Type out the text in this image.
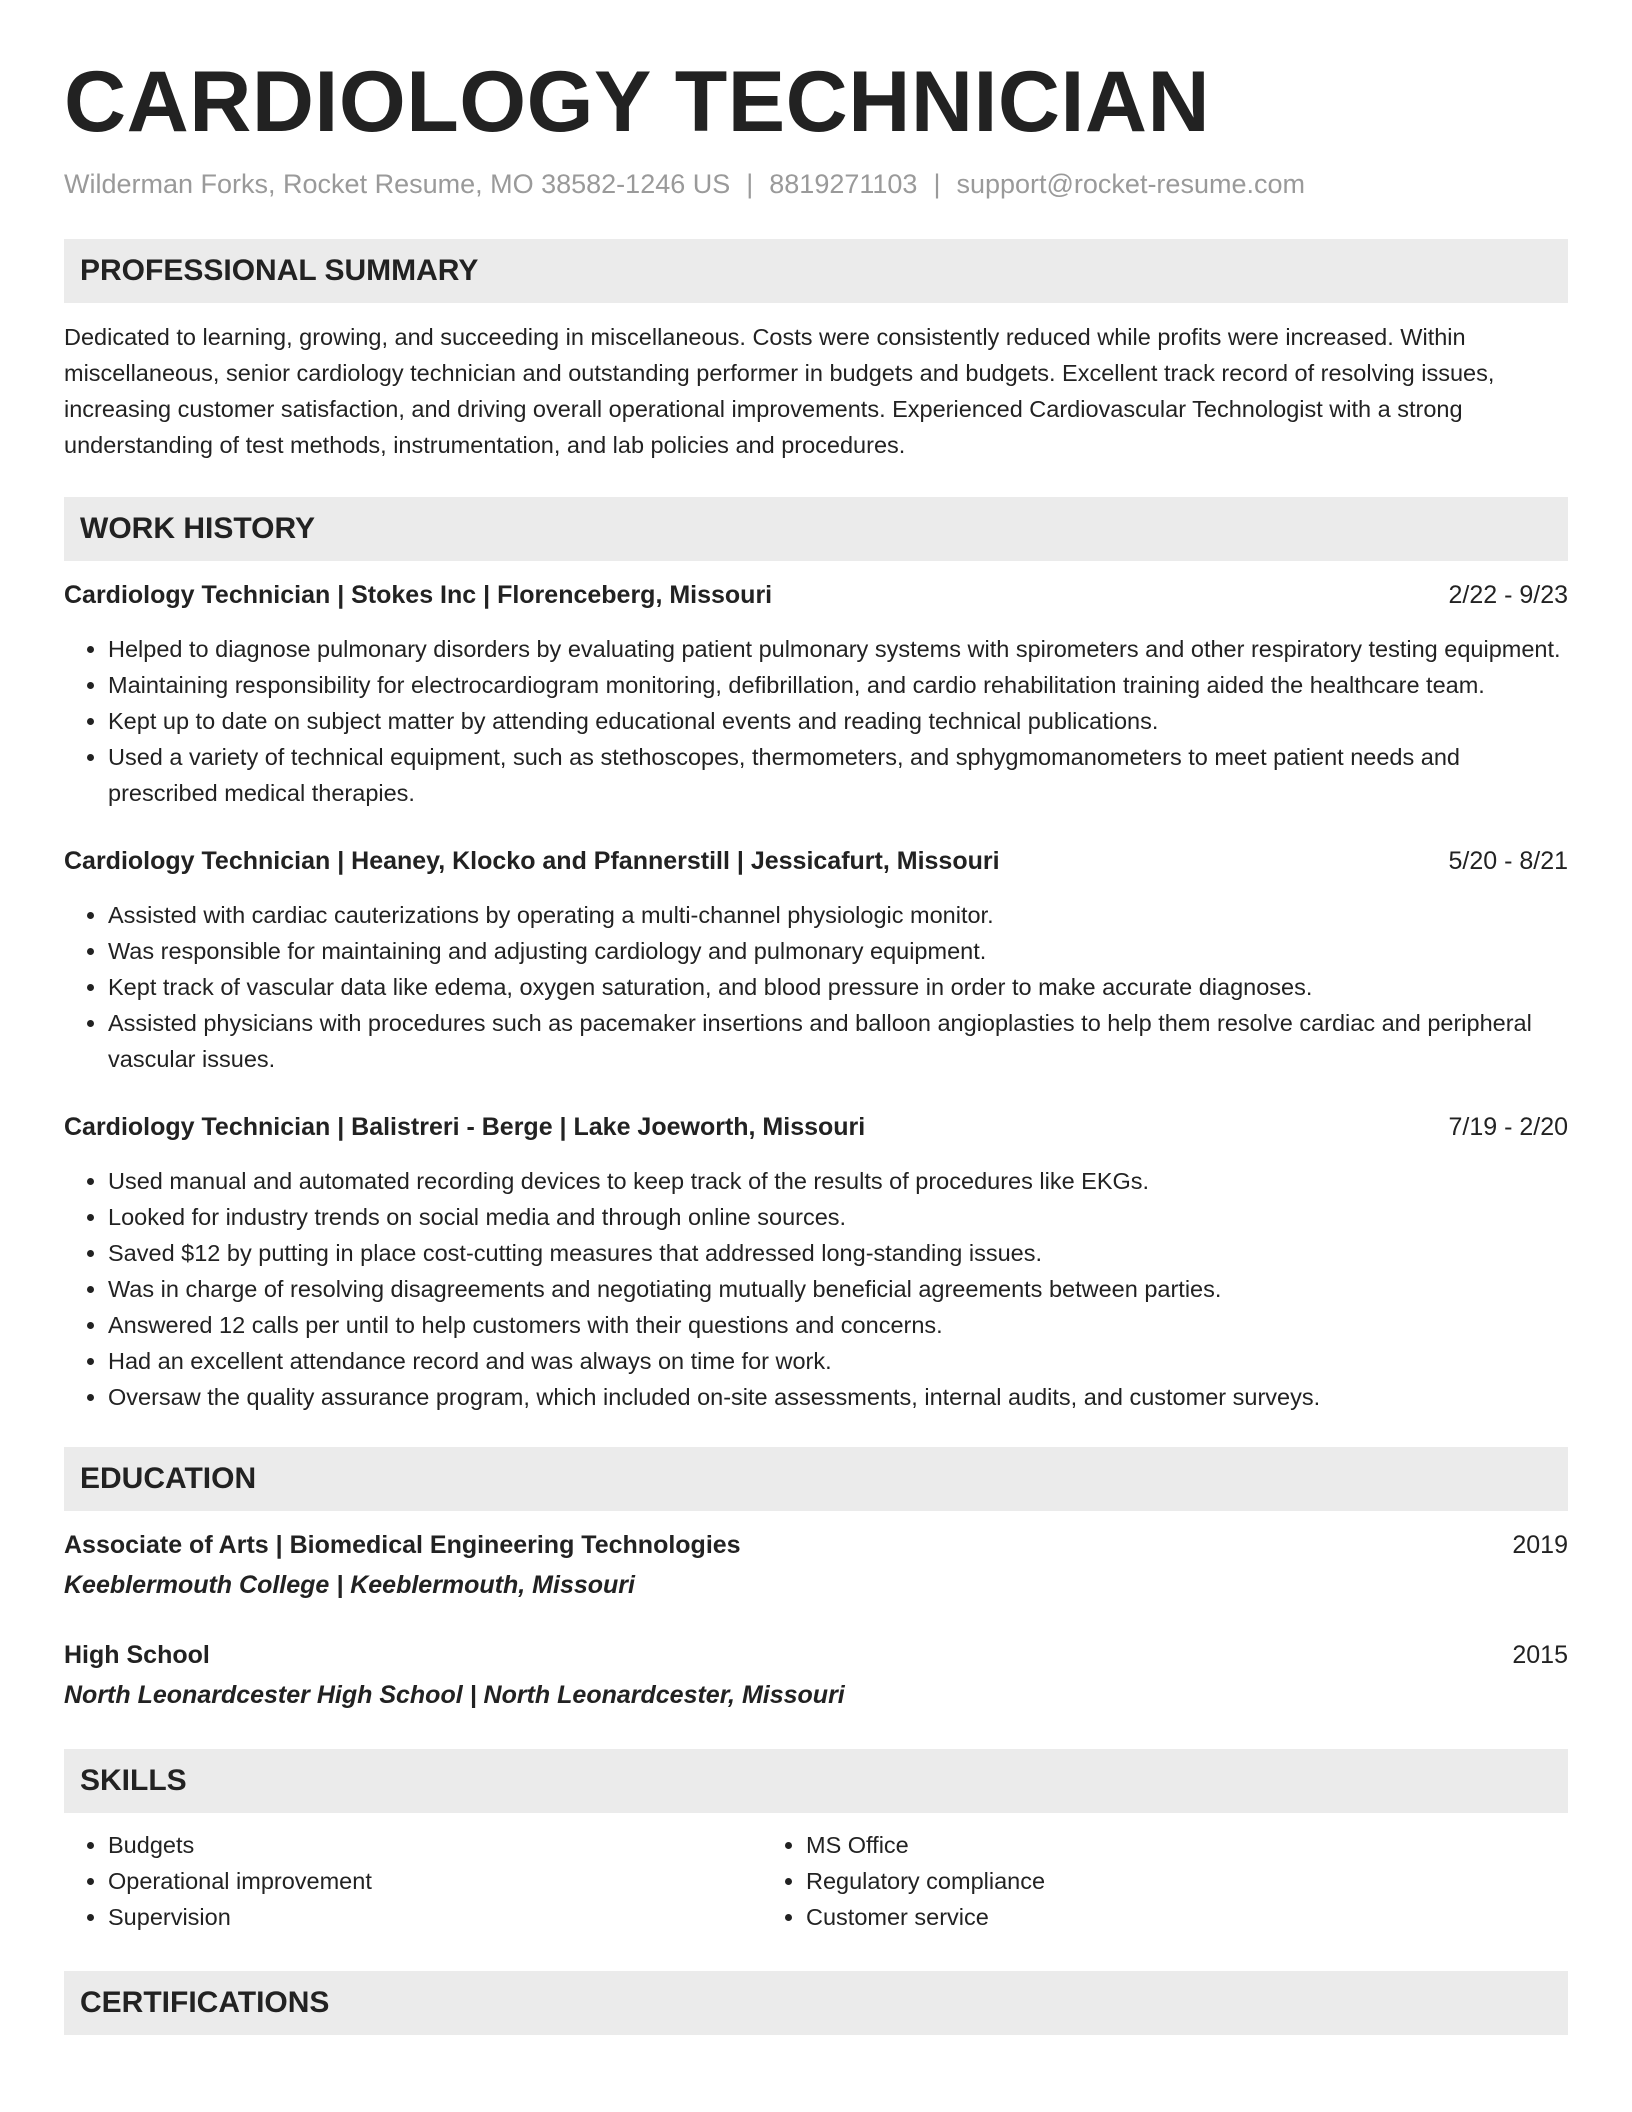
CARDIOLOGY TECHNICIAN
Wilderman Forks, Rocket Resume, MO 38582-1246 US | 8819271103 | support@rocket-resume.com
PROFESSIONAL SUMMARY
Dedicated to learning, growing, and succeeding in miscellaneous. Costs were consistently reduced while profits were increased. Within miscellaneous, senior cardiology technician and outstanding performer in budgets and budgets. Excellent track record of resolving issues, increasing customer satisfaction, and driving overall operational improvements. Experienced Cardiovascular Technologist with a strong understanding of test methods, instrumentation, and lab policies and procedures.
WORK HISTORY
Cardiology Technician | Stokes Inc | Florenceberg, Missouri	2/22 - 9/23
• Helped to diagnose pulmonary disorders by evaluating patient pulmonary systems with spirometers and other respiratory testing equipment.
• Maintaining responsibility for electrocardiogram monitoring, defibrillation, and cardio rehabilitation training aided the healthcare team.
• Kept up to date on subject matter by attending educational events and reading technical publications.
• Used a variety of technical equipment, such as stethoscopes, thermometers, and sphygmomanometers to meet patient needs and prescribed medical therapies.
Cardiology Technician | Heaney, Klocko and Pfannerstill | Jessicafurt, Missouri	5/20 - 8/21
• Assisted with cardiac cauterizations by operating a multi-channel physiologic monitor.
• Was responsible for maintaining and adjusting cardiology and pulmonary equipment.
• Kept track of vascular data like edema, oxygen saturation, and blood pressure in order to make accurate diagnoses.
• Assisted physicians with procedures such as pacemaker insertions and balloon angioplasties to help them resolve cardiac and peripheral vascular issues.
Cardiology Technician | Balistreri - Berge | Lake Joeworth, Missouri	7/19 - 2/20
• Used manual and automated recording devices to keep track of the results of procedures like EKGs.
• Looked for industry trends on social media and through online sources.
• Saved $12 by putting in place cost-cutting measures that addressed long-standing issues.
• Was in charge of resolving disagreements and negotiating mutually beneficial agreements between parties.
• Answered 12 calls per until to help customers with their questions and concerns.
• Had an excellent attendance record and was always on time for work.
• Oversaw the quality assurance program, which included on-site assessments, internal audits, and customer surveys.
EDUCATION
Associate of Arts | Biomedical Engineering Technologies	2019
Keeblermouth College | Keeblermouth, Missouri
High School	2015
North Leonardcester High School | North Leonardcester, Missouri
SKILLS
• Budgets
• Operational improvement
• Supervision
• MS Office
• Regulatory compliance
• Customer service
CERTIFICATIONS
